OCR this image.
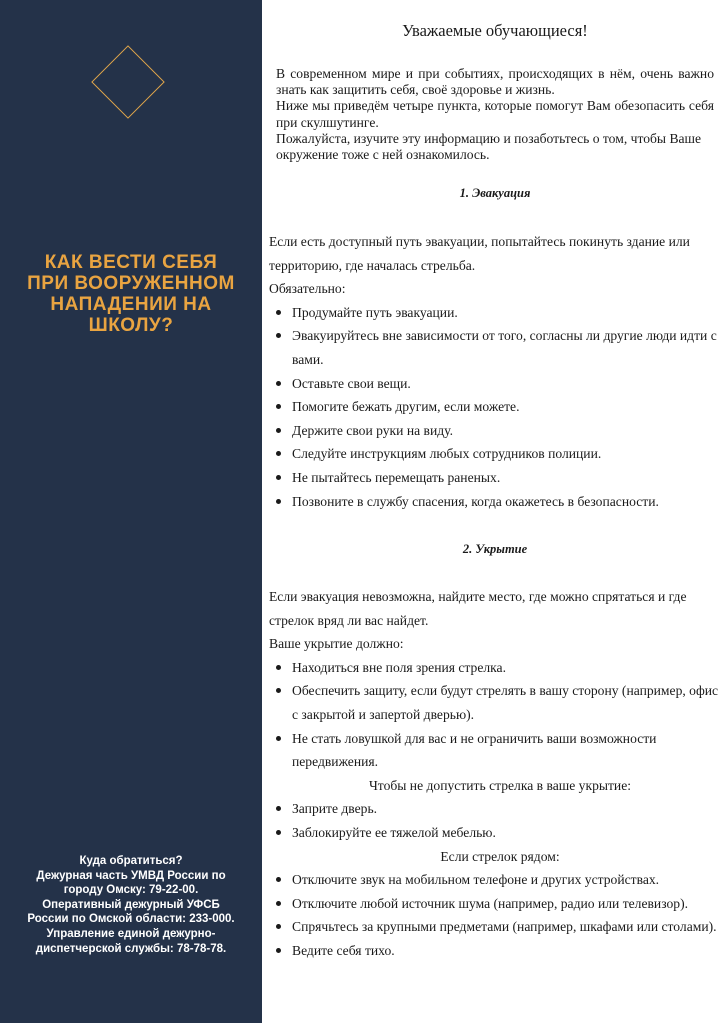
КАК ВЕСТИ СЕБЯ
ПРИ ВООРУЖЕННОМ
НАПАДЕНИИ НА
ШКОЛУ?
Куда обратиться?
Дежурная часть УМВД России по
городу Омску: 79-22-00.
Оперативный дежурный УФСБ
России по Омской области: 233-000.
Управление единой дежурно-
диспетчерской службы: 78-78-78.
Уважаемые обучающиеся!

В современном мире и при событиях, происходящих в нём, очень важно знать как защитить себя, своё здоровье и жизнь.

Ниже мы приведём четыре пункта, которые помогут Вам обезопасить себя при скулшутинге.

Пожалуйста, изучите эту информацию и позаботьтесь о том, чтобы Ваше окружение тоже с ней ознакомилось.

1. Эвакуация

Если есть доступный путь эвакуации, попытайтесь покинуть здание или территорию, где началась стрельба.

Обязательно:

Продумайте путь эвакуации.
Эвакуируйтесь вне зависимости от того, согласны ли другие люди идти с вами.
Оставьте свои вещи.
Помогите бежать другим, если можете.
Держите свои руки на виду.
Следуйте инструкциям любых сотрудников полиции.
Не пытайтесь перемещать раненых.
Позвоните в службу спасения, когда окажетесь в безопасности.
2. Укрытие

Если эвакуация невозможна, найдите место, где можно спрятаться и где стрелок вряд ли вас найдет.

Ваше укрытие должно:

Находиться вне поля зрения стрелка.
Обеспечить защиту, если будут стрелять в вашу сторону (например, офис с закрытой и запертой дверью).
Не стать ловушкой для вас и не ограничить ваши возможности передвижения.

Чтобы не допустить стрелка в ваше укрытие:

Заприте дверь.
Заблокируйте ее тяжелой мебелью.

Если стрелок рядом:

Отключите звук на мобильном телефоне и других устройствах.
Отключите любой источник шума (например, радио или телевизор).
Спрячьтесь за крупными предметами (например, шкафами или столами).
Ведите себя тихо.
